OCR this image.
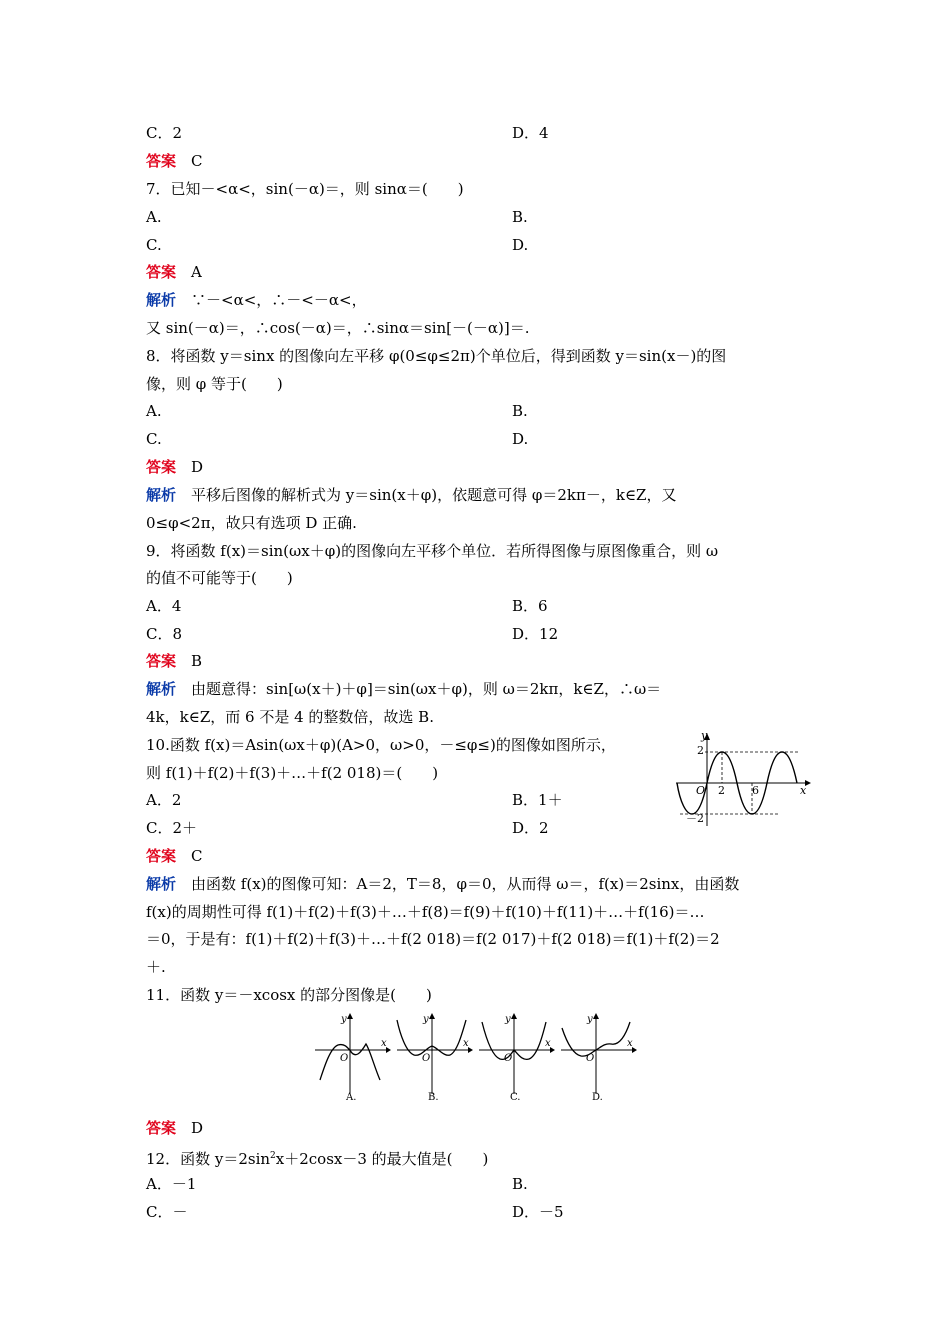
C．2	D．4
答案　 C
7．已知－<α<，sin(－α)＝，则 sinα＝(　　)
A.	B.
C.	D.
答案　 A
解析　 ∵－<α<，∴－<－α<，
又 sin(－α)＝，∴cos(－α)＝，∴sinα＝sin[－(－α)]＝.
8．将函数 y＝sinx 的图像向左平移 φ(0≤φ≤2π)个单位后，得到函数 y＝sin(x－)的图
像，则 φ 等于(　　)
A.	B.
C.	D.
答案　 D
解析　 平移后图像的解析式为 y＝sin(x＋φ)，依题意可得 φ＝2kπ－，k∈Z，又
0≤φ<2π，故只有选项 D 正确.
9．将函数 f(x)＝sin(ωx＋φ)的图像向左平移个单位．若所得图像与原图像重合，则 ω
的值不可能等于(　　)
A．4	B．6
C．8	D．12
答案　 B
解析　 由题意得：sin[ω(x＋)＋φ]＝sin(ωx＋φ)，则 ω＝2kπ，k∈Z，∴ω＝
4k，k∈Z，而 6 不是 4 的整数倍，故选 B.
10.函数 f(x)＝Asin(ωx＋φ)(A>0，ω>0，－≤φ≤)的图像如图所示，
则 f(1)＋f(2)＋f(3)＋…＋f(2 018)＝(　　)
A．2	B．1＋
C．2＋	D．2
y
x
O
2
－2
2 6
答案　 C
解析　 由函数 f(x)的图像可知：A＝2，T＝8，φ＝0，从而得 ω＝，f(x)＝2sinx，由函数
f(x)的周期性可得 f(1)＋f(2)＋f(3)＋…＋f(8)＝f(9)＋f(10)＋f(11)＋…＋f(16)＝…
＝0，于是有：f(1)＋f(2)＋f(3)＋…＋f(2 018)＝f(2 017)＋f(2 018)＝f(1)＋f(2)＝2
＋.
11．函数 y＝－xcosx 的部分图像是(　　)
y
x
O
A.
y
x
O
B.
y
x
O
C.
y
x
O
D.
答案　 D
12．函数 $y=2\sin^2x+2\cos x-3$ 的最大值是(　　)
A．－1	B.
C．－	D．－5
